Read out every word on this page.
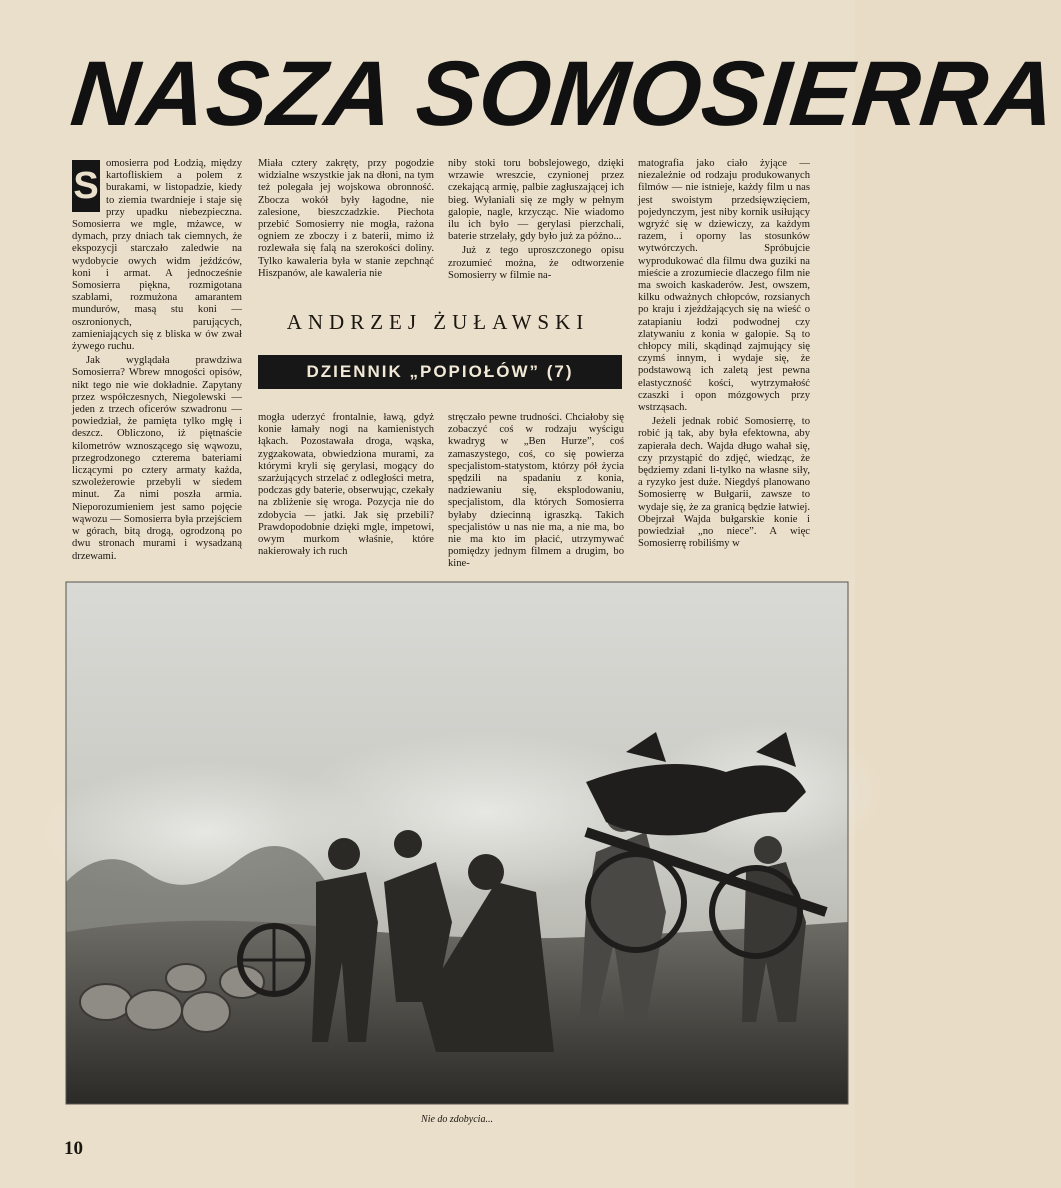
NASZA SOMOSIERRA

S
omosierra pod Łodzią, między kartofliskiem a polem z burakami, w listopadzie, kiedy to ziemia twardnieje i staje się przy upadku niebezpieczna. Somosierra we mgle, mżawce, w dymach, przy dniach tak ciemnych, że ekspozycji starczało zaledwie na wydobycie owych widm jeźdźców, koni i armat. A jednocześnie Somosierra piękna, rozmigotana szablami, rozmużona amarantem mundurów, masą stu koni — oszronionych, parujących, zamieniających się z bliska w ów zwał żywego ruchu.

Jak wyglądała prawdziwa Somosierra? Wbrew mnogości opisów, nikt tego nie wie dokładnie. Zapytany przez współczesnych, Niegolewski — jeden z trzech oficerów szwadronu — powiedział, że pamięta tylko mgłę i deszcz. Obliczono, iż piętnaście kilometrów wznoszącego się wąwozu, przegrodzonego czterema bateriami liczącymi po cztery armaty każda, szwoleżerowie przebyli w siedem minut. Za nimi poszła armia. Nieporozumieniem jest samo pojęcie wąwozu — Somosierra była przejściem w górach, bitą drogą, ogrodzoną po dwu stronach murami i wysadzaną drzewami.

Miała cztery zakręty, przy pogodzie widzialne wszystkie jak na dłoni, na tym też polegała jej wojskowa obronność. Zbocza wokół były łagodne, nie zalesione, bieszczadzkie. Piechota przebić Somosierry nie mogła, rażona ogniem ze zboczy i z baterii, mimo iż rozlewała się falą na szerokości doliny. Tylko kawaleria była w stanie zepchnąć Hiszpanów, ale kawaleria nie

niby stoki toru bobslejowego, dzięki wrzawie wreszcie, czynionej przez czekającą armię, palbie zagłuszającej ich bieg. Wyłaniali się ze mgły w pełnym galopie, nagle, krzycząc. Nie wiadomo ilu ich było — gerylasi pierzchali, baterie strzelały, gdy było już za późno...

Już z tego uproszczonego opisu zrozumieć można, że odtworzenie Somosierry w filmie na-

ANDRZEJ ŻUŁAWSKI
DZIENNIK „POPIOŁÓW” (7)

mogła uderzyć frontalnie, ławą, gdyż konie łamały nogi na kamienistych łąkach. Pozostawała droga, wąska, zygzakowata, obwiedziona murami, za którymi kryli się gerylasi, mogący do szarżujących strzelać z odległości metra, podczas gdy baterie, obserwując, czekały na zbliżenie się wroga. Pozycja nie do zdobycia — jatki. Jak się przebili? Prawdopodobnie dzięki mgle, impetowi, owym murkom właśnie, które nakierowały ich ruch

stręczało pewne trudności. Chciałoby się zobaczyć coś w rodzaju wyścigu kwadryg w „Ben Hurze”, coś zamaszystego, coś, co się powierza specjalistom-statystom, którzy pół życia spędzili na spadaniu z konia, nadziewaniu się, eksplodowaniu, specjalistom, dla których Somosierra byłaby dziecinną igraszką. Takich specjalistów u nas nie ma, a nie ma, bo nie ma kto im płacić, utrzymywać pomiędzy jednym filmem a drugim, bo kine-

matografia jako ciało żyjące — niezależnie od rodzaju produkowanych filmów — nie istnieje, każdy film u nas jest swoistym przedsięwzięciem, pojedynczym, jest niby kornik usiłujący wgryźć się w dziewiczy, za każdym razem, i oporny las stosunków wytwórczych. Spróbujcie wyprodukować dla filmu dwa guziki na mieście a zrozumiecie dlaczego film nie ma swoich kaskaderów. Jest, owszem, kilku odważnych chłopców, rozsianych po kraju i zjeżdżających się na wieść o zatapianiu łodzi podwodnej czy zlatywaniu z konia w galopie. Są to chłopcy mili, skądinąd zajmujący się czymś innym, i wydaje się, że podstawową ich zaletą jest pewna elastyczność kości, wytrzymałość czaszki i opon mózgowych przy wstrząsach.

Jeżeli jednak robić Somosierrę, to robić ją tak, aby była efektowna, aby zapierała dech. Wajda długo wahał się, czy przystąpić do zdjęć, wiedząc, że będziemy zdani li-tylko na własne siły, a ryzyko jest duże. Niegdyś planowano Somosierrę w Bułgarii, zawsze to wydaje się, że za granicą będzie łatwiej. Obejrzał Wajda bułgarskie konie i powiedział „no niece”. A więc Somosierrę robiliśmy w

Nie do zdobycia...
10
